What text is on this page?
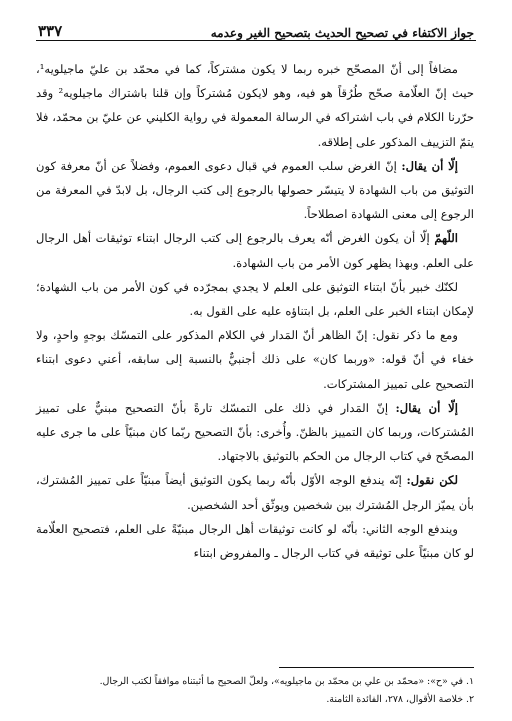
جواز الاكتفاء في تصحيح الحديث بتصحيح الغير وعدمه
٣٣٧

مضافاً إلى أنّ المصحّح خبره ربما لا يكون مشتركاً، كما في محمّد بن عليّ ماجيلويه¹، حيث إنّ العلّامة صحّح طُرُقاً هو فيه، وهو لايكون مُشتركاً وإن قلنا باشتراك ماجيلويه² وقد حرّرنا الكلام في باب اشتراكه في الرسالة المعمولة في رواية الكليني عن عليّ بن محمّد، فلا يتمّ التزييف المذكور على إطلاقه.

إلّا أن يقال: إنّ الغرض سلب العموم في قبال دعوى العموم، وفضلاً عن أنّ معرفة كون التوثيق من باب الشهادة لا يتيسّر حصولها بالرجوع إلى كتب الرجال، بل لابدّ في المعرفة من الرجوع إلى معنى الشهادة اصطلاحاً.

اللّهمّ إلّا أن يكون الغرض أنّه يعرف بالرجوع إلى كتب الرجال ابتناء توثيقات أهل الرجال على العلم. وبهذا يظهر كون الأمر من باب الشهادة.

لكنّك خبير بأنّ ابتناء التوثيق على العلم لا يجدي بمجرّده في كون الأمر من باب الشهادة؛ لإمكان ابتناء الخبر على العلم، بل ابتناؤه عليه على القول به.

ومع ما ذكر نقول: إنّ الظاهر أنّ المَدار في الكلام المذكور على التمسّك بوجهٍ واحدٍ، ولا خفاء في أنّ قوله: «وربما كان» على ذلك أجنبيٌّ بالنسبة إلى سابقه، أعني دعوى ابتناء التصحيح على تمييز المشتركات.

إلّا أن يقال: إنّ المَدار في ذلك على التمسّك تارةً بأنّ التصحيح مبنيٌّ على تمييز المُشتركات، وربما كان التمييز بالظنّ. وأُخرى: بأنّ التصحيح ربّما كان مبنيّاً على ما جرى عليه المصحّح في كتاب الرجال من الحكم بالتوثيق بالاجتهاد.

لكن نقول: إنّه يندفع الوجه الأوّل بأنّه ربما يكون التوثيق أيضاً مبنيّاً على تمييز المُشترك، بأن يميّز الرجل المُشترك بين شخصين ويوثّق أحد الشخصين.

ويندفع الوجه الثاني: بأنّه لو كانت توثيقات أهل الرجال مبنيّةً على العلم، فتصحيح العلّامة لو كان مبنيّاً على توثيقه في كتاب الرجال ـ والمفروض ابتناء

١. في «ح»: «محمّد بن علي بن محمّد بن ماجيلويه»، ولعلّ الصحيح ما أثبتناه موافقاً لكتب الرجال.

٢. خلاصة الأقوال، ٢٧٨، الفائدة الثامنة.
